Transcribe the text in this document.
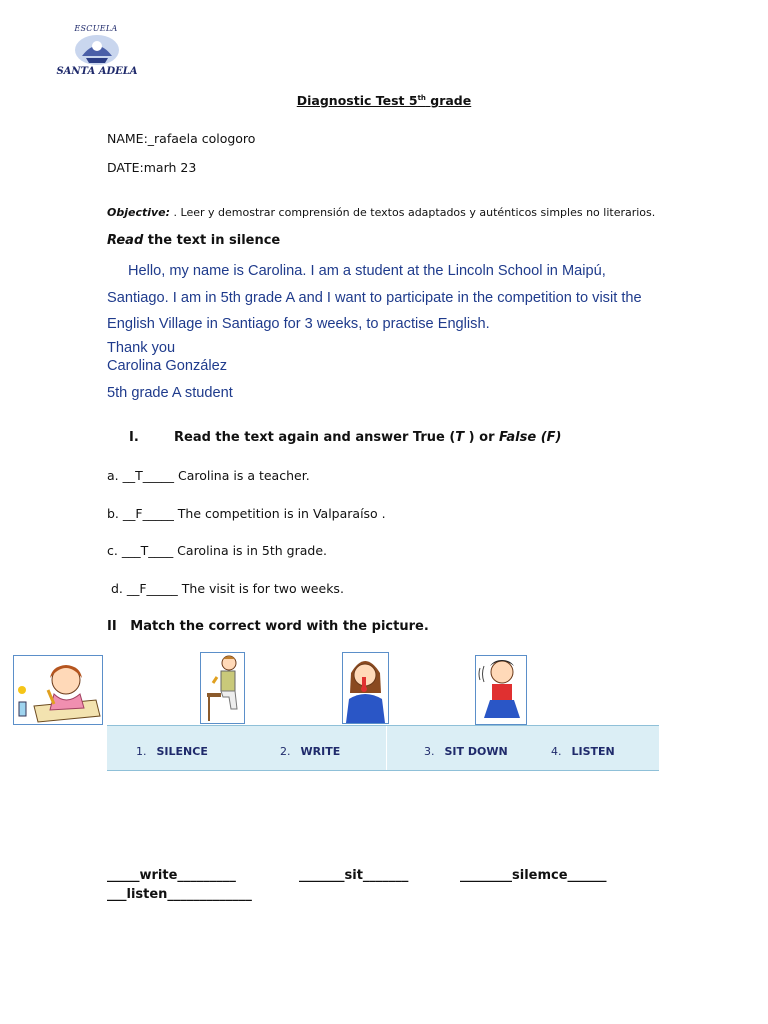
ESCUELA
SANTA ADELA
Diagnostic Test 5th grade
NAME:_rafaela cologoro
DATE:marh 23
Objective: . Leer y demostrar comprensión de textos adaptados y auténticos simples no literarios.
Read the text in silence
Hello, my name is Carolina. I am a student at the Lincoln School in Maipú,
Santiago. I am in 5th grade A and I want to participate in the competition to visit the
English Village in Santiago for 3 weeks, to practise English.
Thank you
Carolina González
5th grade A student
I.	Read the text again and answer True (T ) or False (F)
a. __T_____ Carolina is a teacher.
b. __F_____ The competition is in Valparaíso .
c. ___T____ Carolina is in 5th grade.
d. __F_____ The visit is for two weeks.
II   Match the correct word with the picture.
1. SILENCE	2. WRITE	3. SIT DOWN	4. LISTEN
_____write_________	_______sit_______	________silemce______
___listen_____________
